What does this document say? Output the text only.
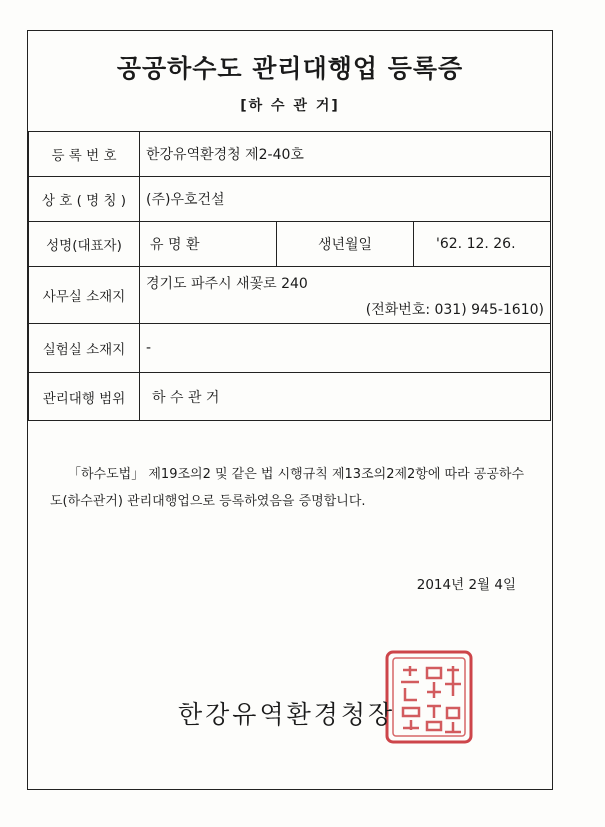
공공하수도 관리대행업 등록증
[하 수 관 거]
등 록 번 호	한강유역환경청 제2-40호		
상 호 ( 명 칭 )	(주)우호건설		
성명(대표자)	유 명 환	생년월일	'62. 12. 26.
사무실 소재지	경기도 파주시 새꽃로 240
(전화번호: 031) 945-1610)		

실험실 소재지	-		
관리대행 범위	하 수 관 거		
「하수도법」 제19조의2 및 같은 법 시행규칙 제13조의2제2항에 따라 공공하수도(하수관거) 관리대행업으로 등록하였음을 증명합니다.
2014년 2월 4일
한강유역환경청장
